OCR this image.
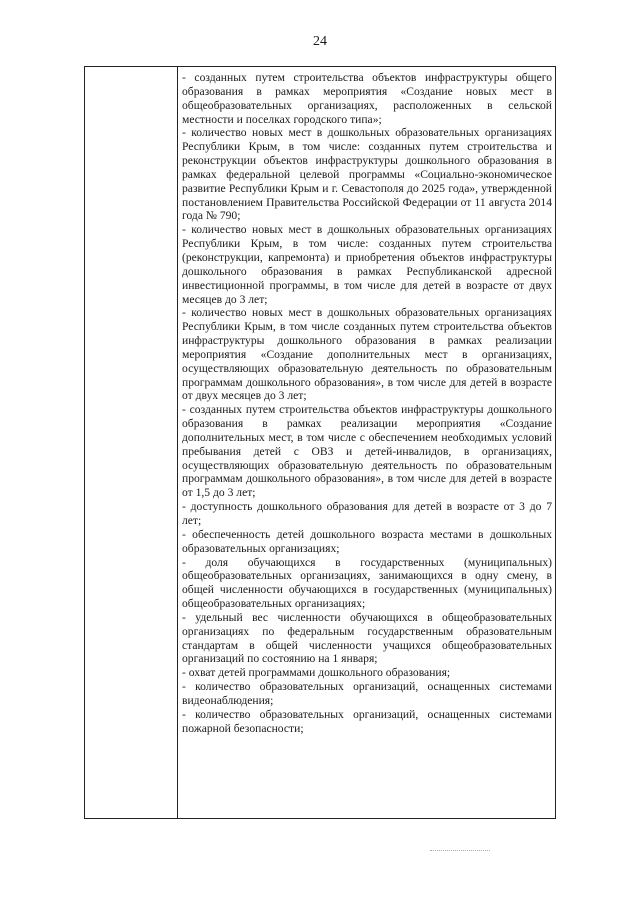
24

- созданных путем строительства объектов инфраструктуры общего образования в рамках мероприятия «Создание новых мест в общеобразовательных организациях, расположенных в сельской местности и поселках городского типа»;

- количество новых мест в дошкольных образовательных организациях Республики Крым, в том числе: созданных путем строительства и реконструкции объектов инфраструктуры дошкольного образования в рамках федеральной целевой программы «Социально-экономическое развитие Республики Крым и г. Севастополя до 2025 года», утвержденной постановлением Правительства Российской Федерации от 11 августа 2014 года № 790;

- количество новых мест в дошкольных образовательных организациях Республики Крым, в том числе: созданных путем строительства (реконструкции, капремонта) и приобретения объектов инфраструктуры дошкольного образования в рамках Республиканской адресной инвестиционной программы, в том числе для детей в возрасте от двух месяцев до 3 лет;

- количество новых мест в дошкольных образовательных организациях Республики Крым, в том числе созданных путем строительства объектов инфраструктуры дошкольного образования в рамках реализации мероприятия «Создание дополнительных мест в организациях, осуществляющих образовательную деятельность по образовательным программам дошкольного образования», в том числе для детей в возрасте от двух месяцев до 3 лет;

- созданных путем строительства объектов инфраструктуры дошкольного образования в рамках реализации мероприятия «Создание дополнительных мест, в том числе с обеспечением необходимых условий пребывания детей с ОВЗ и детей-инвалидов, в организациях, осуществляющих образовательную деятельность по образовательным программам дошкольного образования», в том числе для детей в возрасте от 1,5 до 3 лет;

- доступность дошкольного образования для детей в возрасте от 3 до 7 лет;

- обеспеченность детей дошкольного возраста местами в дошкольных образовательных организациях;

- доля обучающихся в государственных (муниципальных) общеобразовательных организациях, занимающихся в одну смену, в общей численности обучающихся в государственных (муниципальных) общеобразовательных организациях;

- удельный вес численности обучающихся в общеобразовательных организациях по федеральным государственным образовательным стандартам в общей численности учащихся общеобразовательных организаций по состоянию на 1 января;

- охват детей программами дошкольного образования;

- количество образовательных организаций, оснащенных системами видеонаблюдения;

- количество образовательных организаций, оснащенных системами пожарной безопасности;
